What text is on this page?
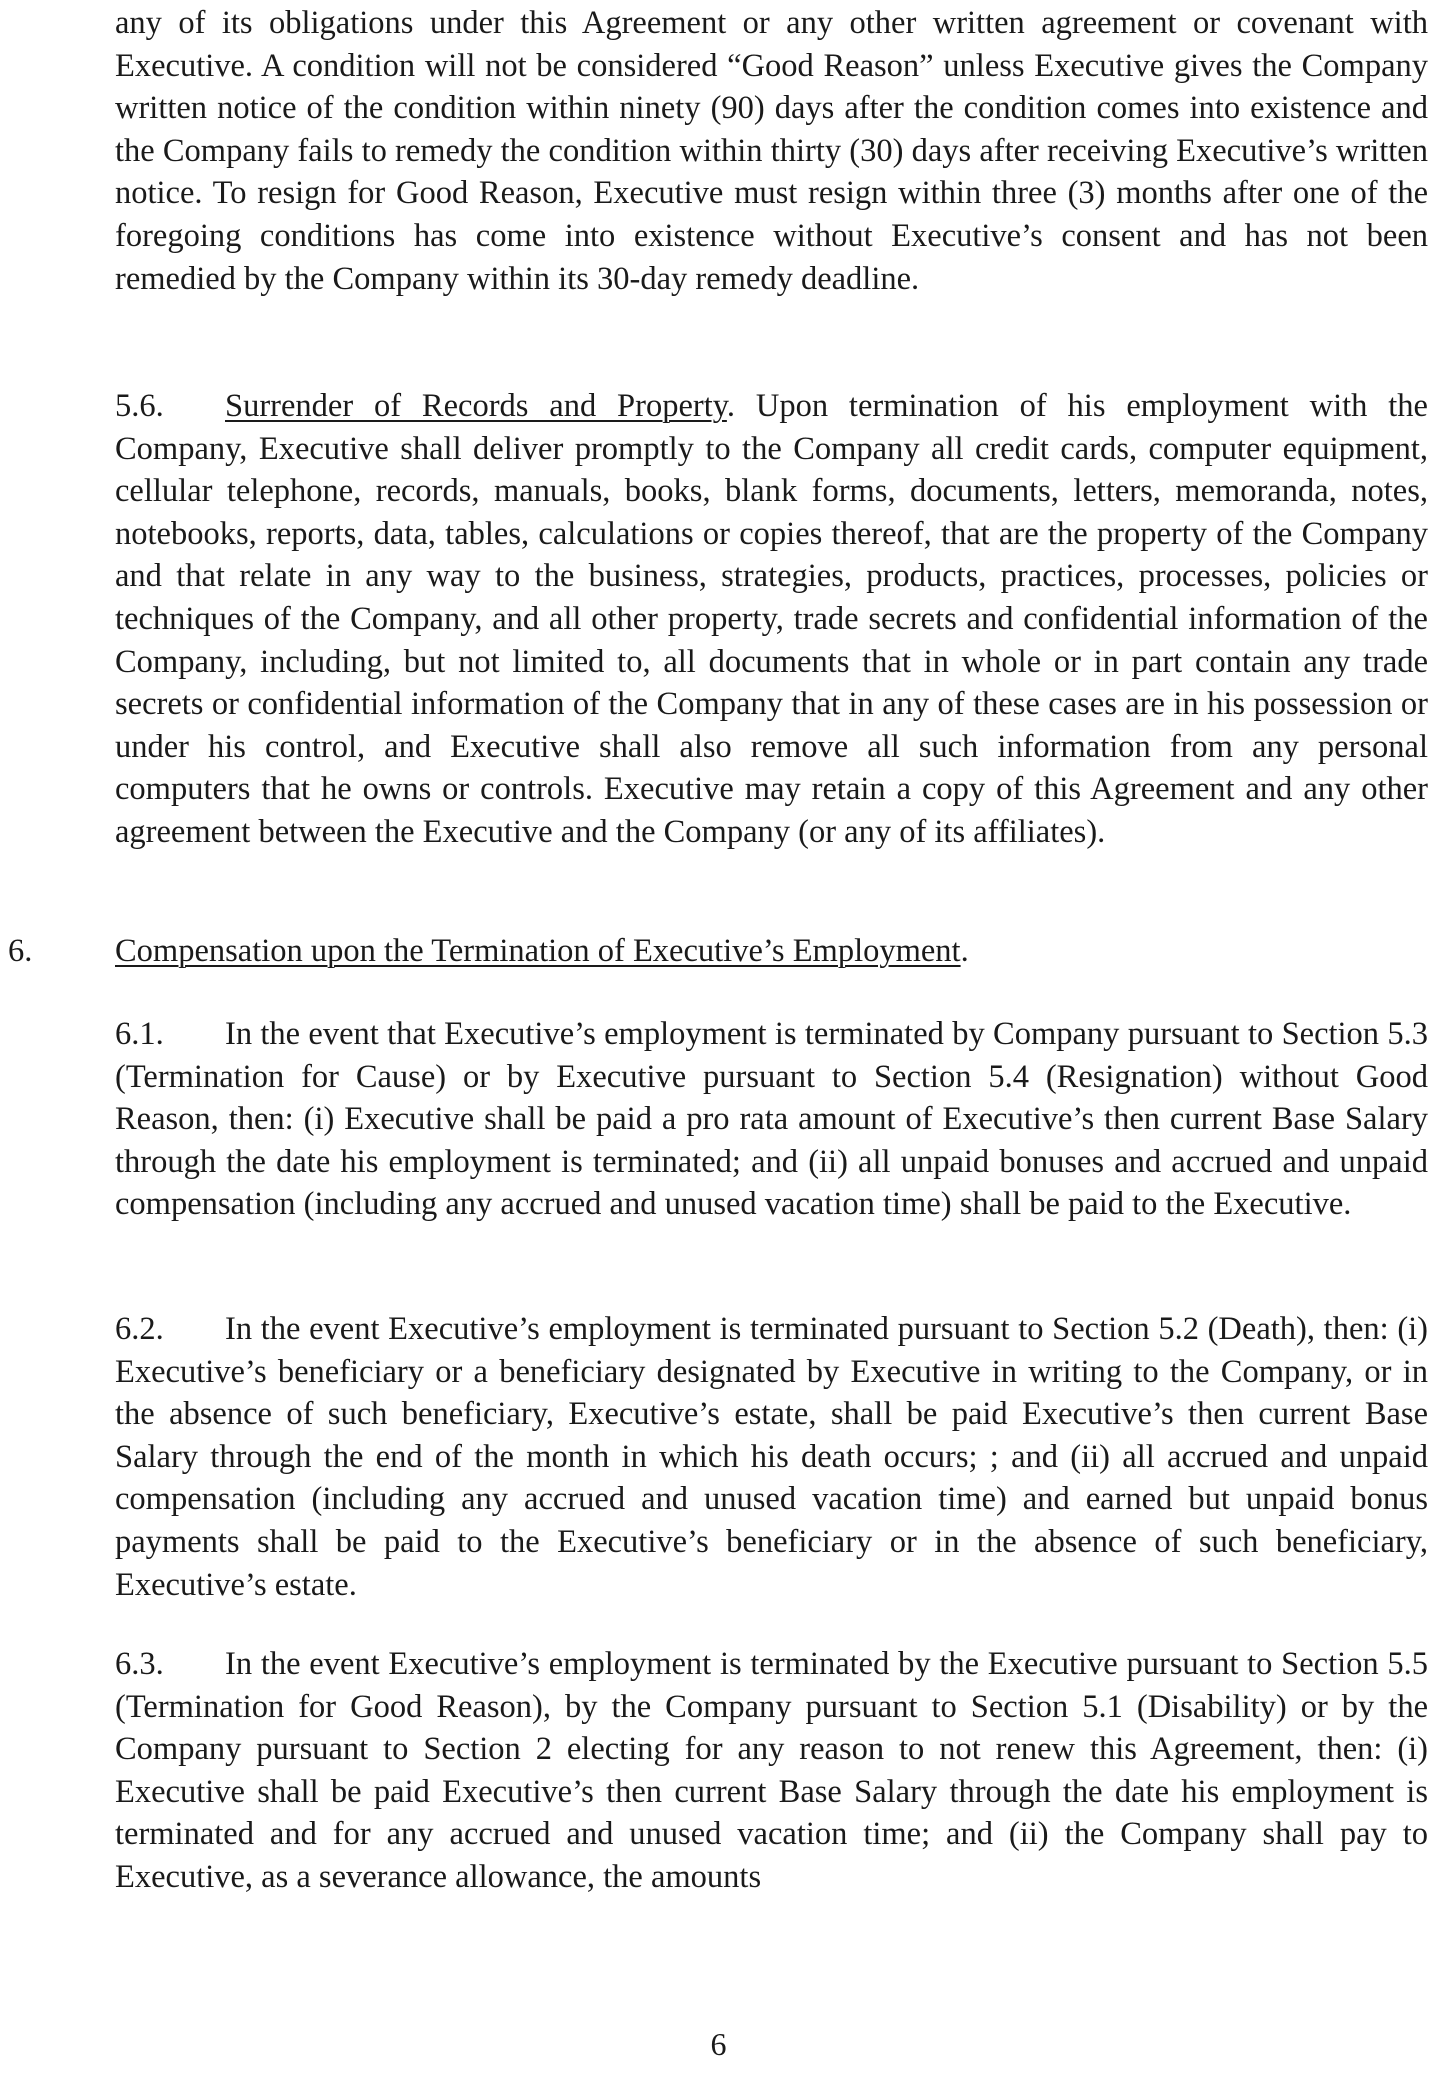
any of its obligations under this Agreement or any other written agreement or covenant with Executive. A condition will not be considered “Good Reason” unless Executive gives the Company written notice of the condition within ninety (90) days after the condition comes into existence and the Company fails to remedy the condition within thirty (30) days after receiving Executive’s written notice. To resign for Good Reason, Executive must resign within three (3) months after one of the foregoing conditions has come into existence without Executive’s consent and has not been remedied by the Company within its 30-day remedy deadline.

5.6. Surrender of Records and Property. Upon termination of his employment with the Company, Executive shall deliver promptly to the Company all credit cards, computer equipment, cellular telephone, records, manuals, books, blank forms, documents, letters, memoranda, notes, notebooks, reports, data, tables, calculations or copies thereof, that are the property of the Company and that relate in any way to the business, strategies, products, practices, processes, policies or techniques of the Company, and all other property, trade secrets and confidential information of the Company, including, but not limited to, all documents that in whole or in part contain any trade secrets or confidential information of the Company that in any of these cases are in his possession or under his control, and Executive shall also remove all such information from any personal computers that he owns or controls. Executive may retain a copy of this Agreement and any other agreement between the Executive and the Company (or any of its affiliates).

6.	Compensation upon the Termination of Executive’s Employment.

6.1. In the event that Executive’s employment is terminated by Company pursuant to Section 5.3 (Termination for Cause) or by Executive pursuant to Section 5.4 (Resignation) without Good Reason, then: (i) Executive shall be paid a pro rata amount of Executive’s then current Base Salary through the date his employment is terminated; and (ii) all unpaid bonuses and accrued and unpaid compensation (including any accrued and unused vacation time) shall be paid to the Executive.

6.2. In the event Executive’s employment is terminated pursuant to Section 5.2 (Death), then: (i) Executive’s beneficiary or a beneficiary designated by Executive in writing to the Company, or in the absence of such beneficiary, Executive’s estate, shall be paid Executive’s then current Base Salary through the end of the month in which his death occurs; ; and (ii) all accrued and unpaid compensation (including any accrued and unused vacation time) and earned but unpaid bonus payments shall be paid to the Executive’s beneficiary or in the absence of such beneficiary, Executive’s estate.

6.3. In the event Executive’s employment is terminated by the Executive pursuant to Section 5.5 (Termination for Good Reason), by the Company pursuant to Section 5.1 (Disability) or by the Company pursuant to Section 2 electing for any reason to not renew this Agreement, then: (i) Executive shall be paid Executive’s then current Base Salary through the date his employment is terminated and for any accrued and unused vacation time; and (ii) the Company shall pay to Executive, as a severance allowance, the amounts

6
